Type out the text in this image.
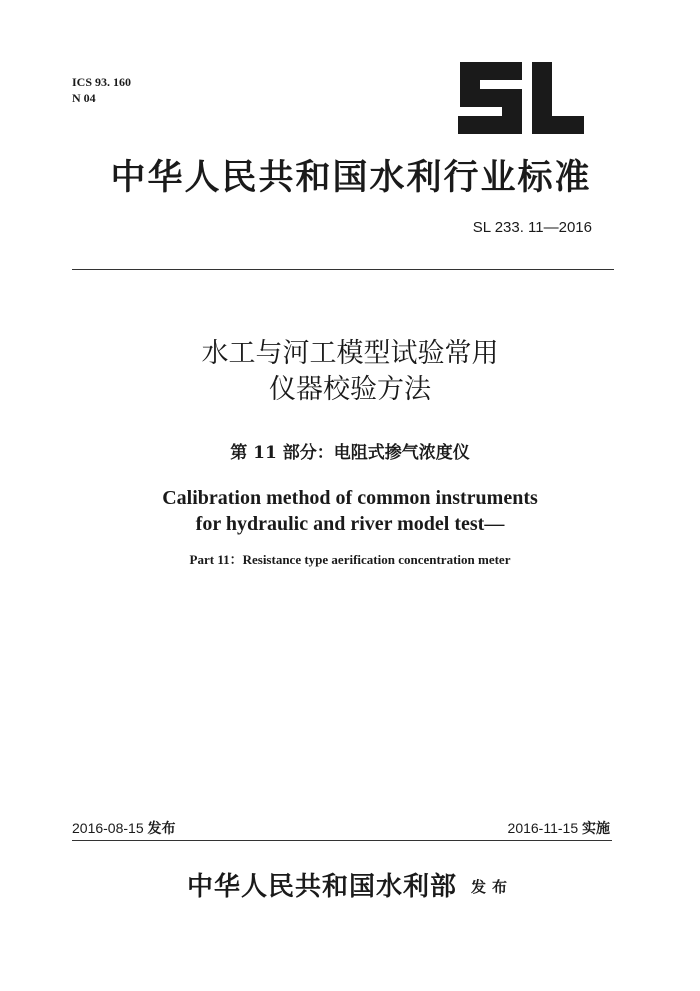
ICS 93. 160
N 04
中华人民共和国水利行业标准
SL 233. 11—2016
水工与河工模型试验常用
仪器校验方法
第 11 部分：电阻式掺气浓度仪
Calibration method of common instruments
for hydraulic and river model test—
Part 11：Resistance type aerification concentration meter
2016-08-15 发布	2016-11-15 实施
中华人民共和国水利部 发布
